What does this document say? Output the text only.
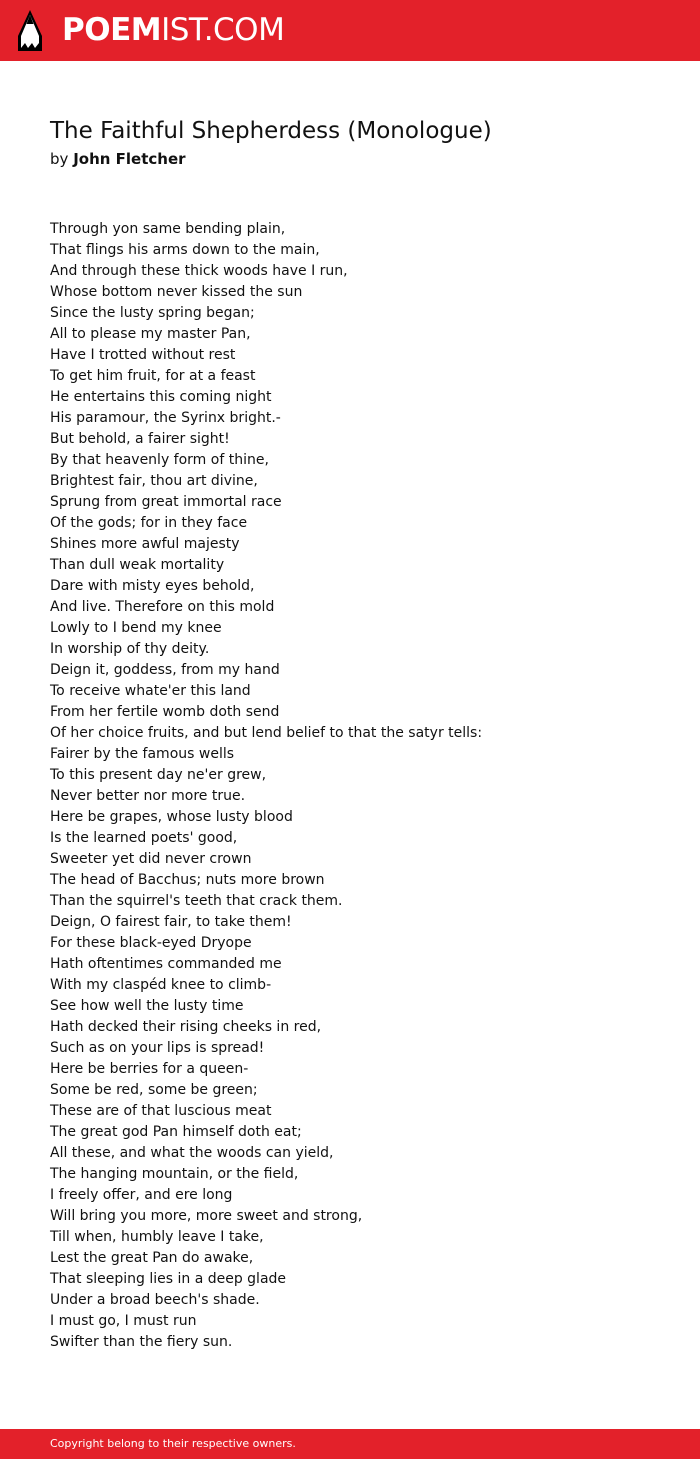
POEMIST.COM
The Faithful Shepherdess (Monologue)
by John Fletcher
Through yon same bending plain,
That flings his arms down to the main,
And through these thick woods have I run,
Whose bottom never kissed the sun
Since the lusty spring began;
All to please my master Pan,
Have I trotted without rest
To get him fruit, for at a feast
He entertains this coming night
His paramour, the Syrinx bright.-
But behold, a fairer sight!
By that heavenly form of thine,
Brightest fair, thou art divine,
Sprung from great immortal race
Of the gods; for in they face
Shines more awful majesty
Than dull weak mortality
Dare with misty eyes behold,
And live. Therefore on this mold
Lowly to I bend my knee
In worship of thy deity.
Deign it, goddess, from my hand
To receive whate'er this land
From her fertile womb doth send
Of her choice fruits, and but lend belief to that the satyr tells:
Fairer by the famous wells
To this present day ne'er grew,
Never better nor more true.
Here be grapes, whose lusty blood
Is the learned poets' good,
Sweeter yet did never crown
The head of Bacchus; nuts more brown
Than the squirrel's teeth that crack them.
Deign, O fairest fair, to take them!
For these black-eyed Dryope
Hath oftentimes commanded me
With my claspéd knee to climb-
See how well the lusty time
Hath decked their rising cheeks in red,
Such as on your lips is spread!
Here be berries for a queen-
Some be red, some be green;
These are of that luscious meat
The great god Pan himself doth eat;
All these, and what the woods can yield,
The hanging mountain, or the field,
I freely offer, and ere long
Will bring you more, more sweet and strong,
Till when, humbly leave I take,
Lest the great Pan do awake,
That sleeping lies in a deep glade
Under a broad beech's shade.
I must go, I must run
Swifter than the fiery sun.
Copyright belong to their respective owners.
